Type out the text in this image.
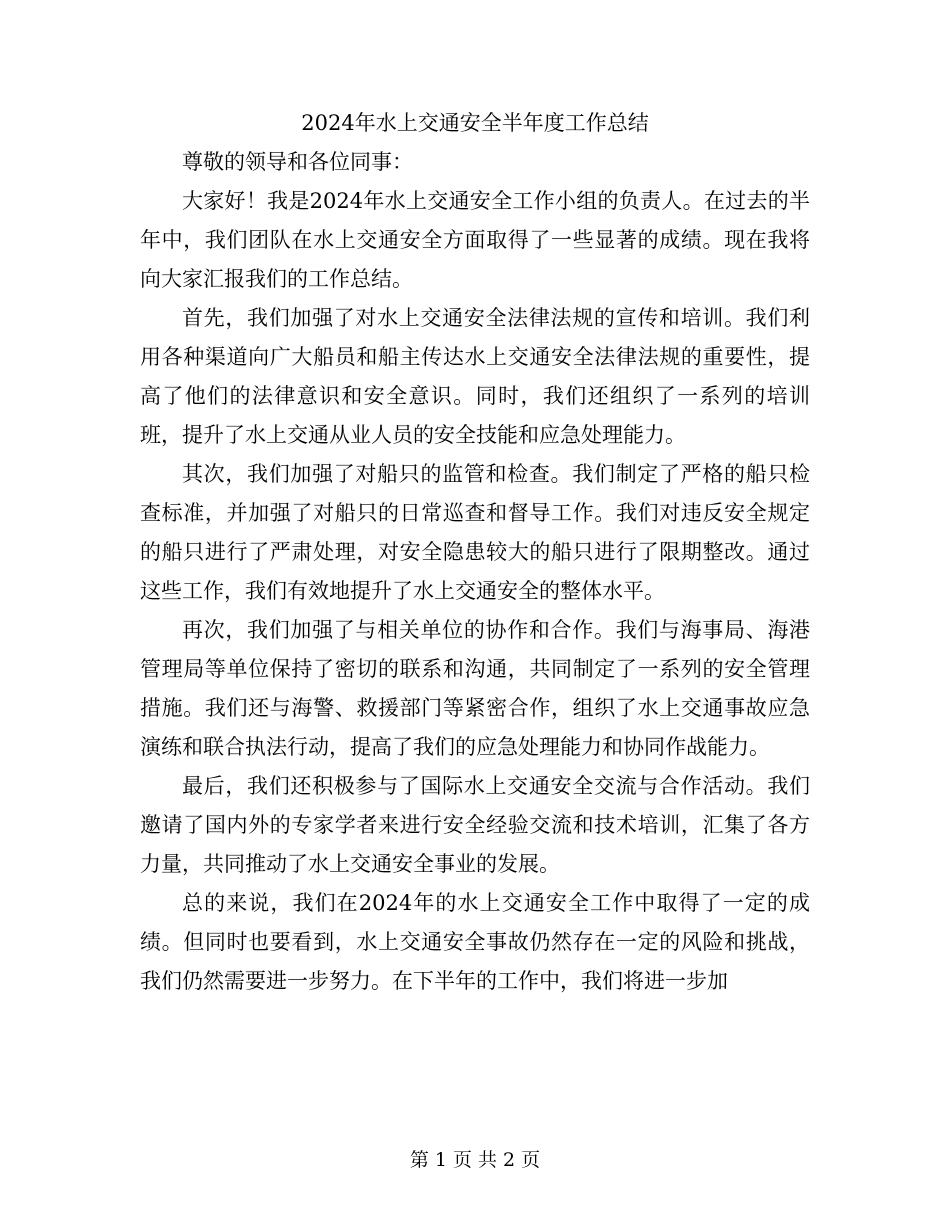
2024年水上交通安全半年度工作总结

尊敬的领导和各位同事：

大家好！我是2024年水上交通安全工作小组的负责人。在过去的半年中，我们团队在水上交通安全方面取得了一些显著的成绩。现在我将向大家汇报我们的工作总结。

首先，我们加强了对水上交通安全法律法规的宣传和培训。我们利用各种渠道向广大船员和船主传达水上交通安全法律法规的重要性，提高了他们的法律意识和安全意识。同时，我们还组织了一系列的培训班，提升了水上交通从业人员的安全技能和应急处理能力。

其次，我们加强了对船只的监管和检查。我们制定了严格的船只检查标准，并加强了对船只的日常巡查和督导工作。我们对违反安全规定的船只进行了严肃处理，对安全隐患较大的船只进行了限期整改。通过这些工作，我们有效地提升了水上交通安全的整体水平。

再次，我们加强了与相关单位的协作和合作。我们与海事局、海港管理局等单位保持了密切的联系和沟通，共同制定了一系列的安全管理措施。我们还与海警、救援部门等紧密合作，组织了水上交通事故应急演练和联合执法行动，提高了我们的应急处理能力和协同作战能力。

最后，我们还积极参与了国际水上交通安全交流与合作活动。我们邀请了国内外的专家学者来进行安全经验交流和技术培训，汇集了各方力量，共同推动了水上交通安全事业的发展。

总的来说，我们在2024年的水上交通安全工作中取得了一定的成绩。但同时也要看到，水上交通安全事故仍然存在一定的风险和挑战，我们仍然需要进一步努力。在下半年的工作中，我们将进一步加

第 1 页 共 2 页
